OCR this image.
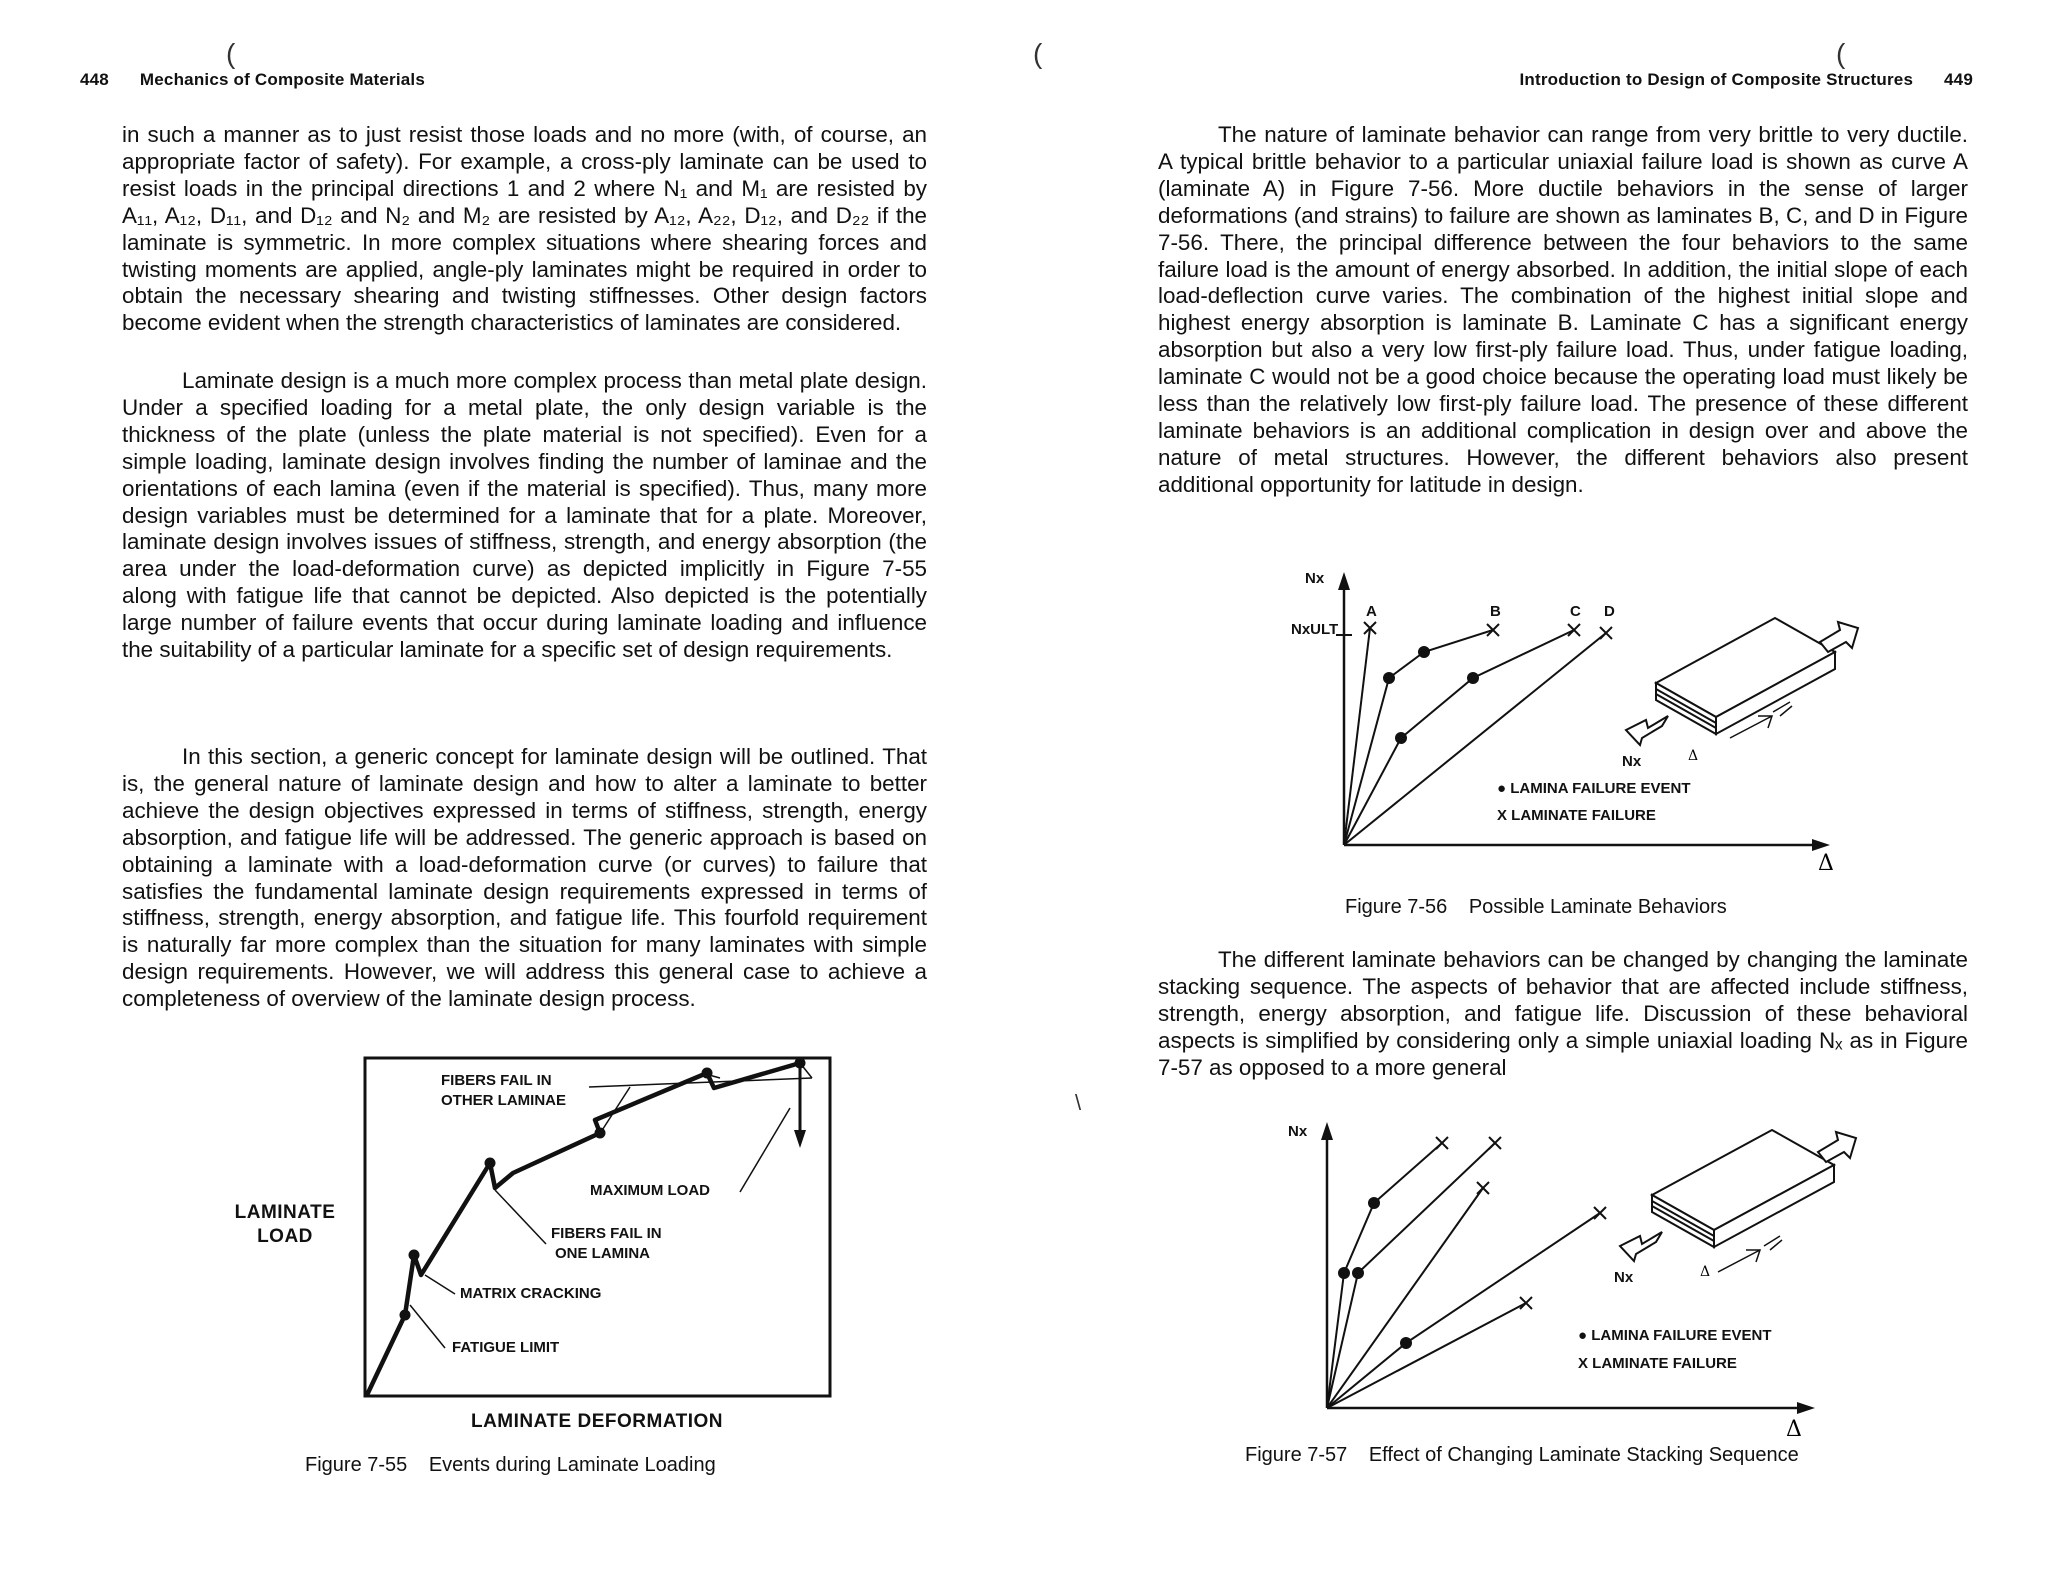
(
448 Mechanics of Composite Materials

in such a manner as to just resist those loads and no more (with, of course, an appropriate factor of safety). For example, a cross-ply laminate can be used to resist loads in the principal directions 1 and 2 where N₁ and M₁ are resisted by A₁₁, A₁₂, D₁₁, and D₁₂ and N₂ and M₂ are resisted by A₁₂, A₂₂, D₁₂, and D₂₂ if the laminate is symmetric. In more complex situations where shearing forces and twisting moments are applied, angle-ply laminates might be required in order to obtain the necessary shearing and twisting stiffnesses. Other design factors become evident when the strength characteristics of laminates are considered.

Laminate design is a much more complex process than metal plate design. Under a specified loading for a metal plate, the only design variable is the thickness of the plate (unless the plate material is not specified). Even for a simple loading, laminate design involves finding the number of laminae and the orientations of each lamina (even if the material is specified). Thus, many more design variables must be determined for a laminate that for a plate. Moreover, laminate design involves issues of stiffness, strength, and energy absorption (the area under the load-deformation curve) as depicted implicitly in Figure 7-55 along with fatigue life that cannot be depicted. Also depicted is the potentially large number of failure events that occur during laminate loading and influence the suitability of a particular laminate for a specific set of design requirements.

In this section, a generic concept for laminate design will be outlined. That is, the general nature of laminate design and how to alter a laminate to better achieve the design objectives expressed in terms of stiffness, strength, energy absorption, and fatigue life will be addressed. The generic approach is based on obtaining a laminate with a load-deformation curve (or curves) to failure that satisfies the fundamental laminate design requirements expressed in terms of stiffness, strength, energy absorption, and fatigue life. This fourfold requirement is naturally far more complex than the situation for many laminates with simple design requirements. However, we will address this general case to achieve a completeness of overview of the laminate design process.

FIBERS FAIL IN
OTHER LAMINAE
MAXIMUM LOAD
FIBERS FAIL IN
ONE LAMINA
MATRIX CRACKING
FATIGUE LIMIT
LAMINATE
LOAD
LAMINATE DEFORMATION
Figure 7-55 Events during Laminate Loading
(
\
(
Introduction to Design of Composite Structures 449

The nature of laminate behavior can range from very brittle to very ductile. A typical brittle behavior to a particular uniaxial failure load is shown as curve A (laminate A) in Figure 7-56. More ductile behaviors in the sense of larger deformations (and strains) to failure are shown as laminates B, C, and D in Figure 7-56. There, the principal difference between the four behaviors to the same failure load is the amount of energy absorbed. In addition, the initial slope of each load-deflection curve varies. The combination of the highest initial slope and highest energy absorption is laminate B. Laminate C has a significant energy absorption but also a very low first-ply failure load. Thus, under fatigue loading, laminate C would not be a good choice because the operating load must likely be less than the relatively low first-ply failure load. The presence of these different laminate behaviors is an additional complication in design over and above the nature of metal structures. However, the different behaviors also present additional opportunity for latitude in design.

The different laminate behaviors can be changed by changing the laminate stacking sequence. The aspects of behavior that are affected include stiffness, strength, energy absorption, and fatigue life. Discussion of these behavioral aspects is simplified by considering only a simple uniaxial loading Nₓ as in Figure 7-57 as opposed to a more general

Nx
NxULT
A	B	C D
● LAMINA FAILURE EVENT
X LAMINATE FAILURE
Δ
Nx	Δ
Figure 7-56 Possible Laminate Behaviors
Nx
● LAMINA FAILURE EVENT
X LAMINATE FAILURE
Δ
Nx	Δ
Figure 7-57 Effect of Changing Laminate Stacking Sequence
